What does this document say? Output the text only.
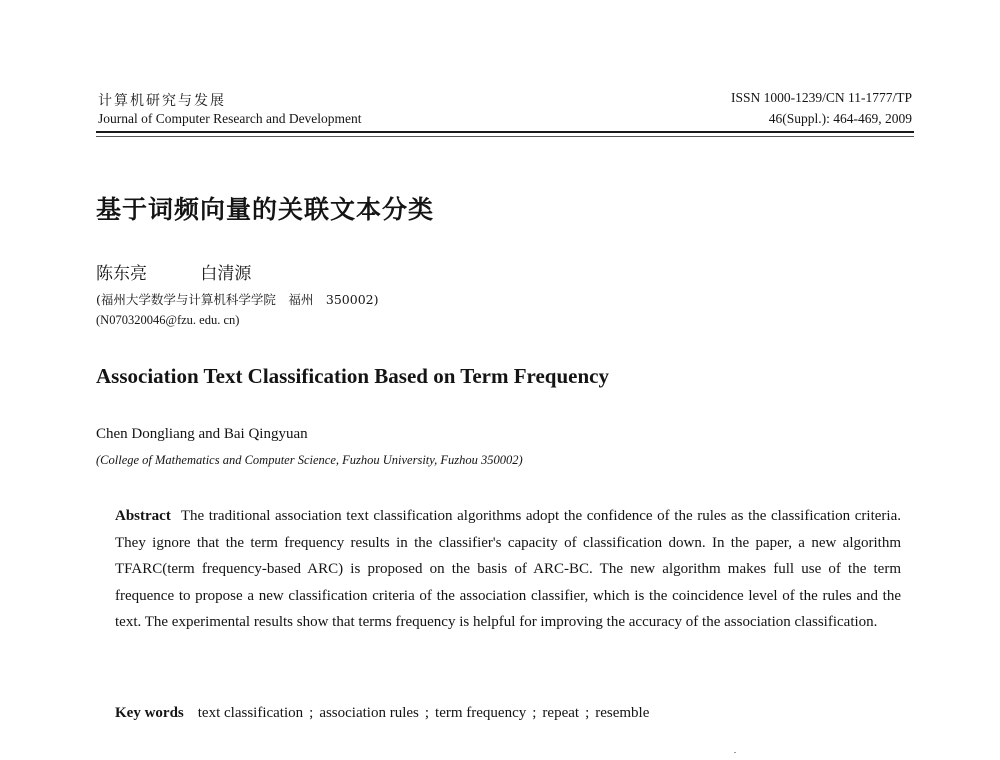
计算机研究与发展
Journal of Computer Research and Development
ISSN 1000-1239/CN 11-1777/TP
46(Suppl.): 464-469, 2009
基于词频向量的关联文本分类
陈东亮	白清源
(福州大学数学与计算机科学学院　福州　350002)
(N070320046@fzu. edu. cn)
Association Text Classification Based on Term Frequency
Chen Dongliang and Bai Qingyuan
(College of Mathematics and Computer Science, Fuzhou University, Fuzhou 350002)
Abstract The traditional association text classification algorithms adopt the confidence of the rules as the classification criteria. They ignore that the term frequency results in the classifier's capacity of classification down. In the paper, a new algorithm TFARC(term frequency-based ARC) is proposed on the basis of ARC-BC. The new algorithm makes full use of the term frequence to propose a new classification criteria of the association classifier, which is the coincidence level of the rules and the text. The experimental results show that terms frequency is helpful for improving the accuracy of the association classification.
Key words text classification ; association rules ; term frequency ; repeat ; resemble
